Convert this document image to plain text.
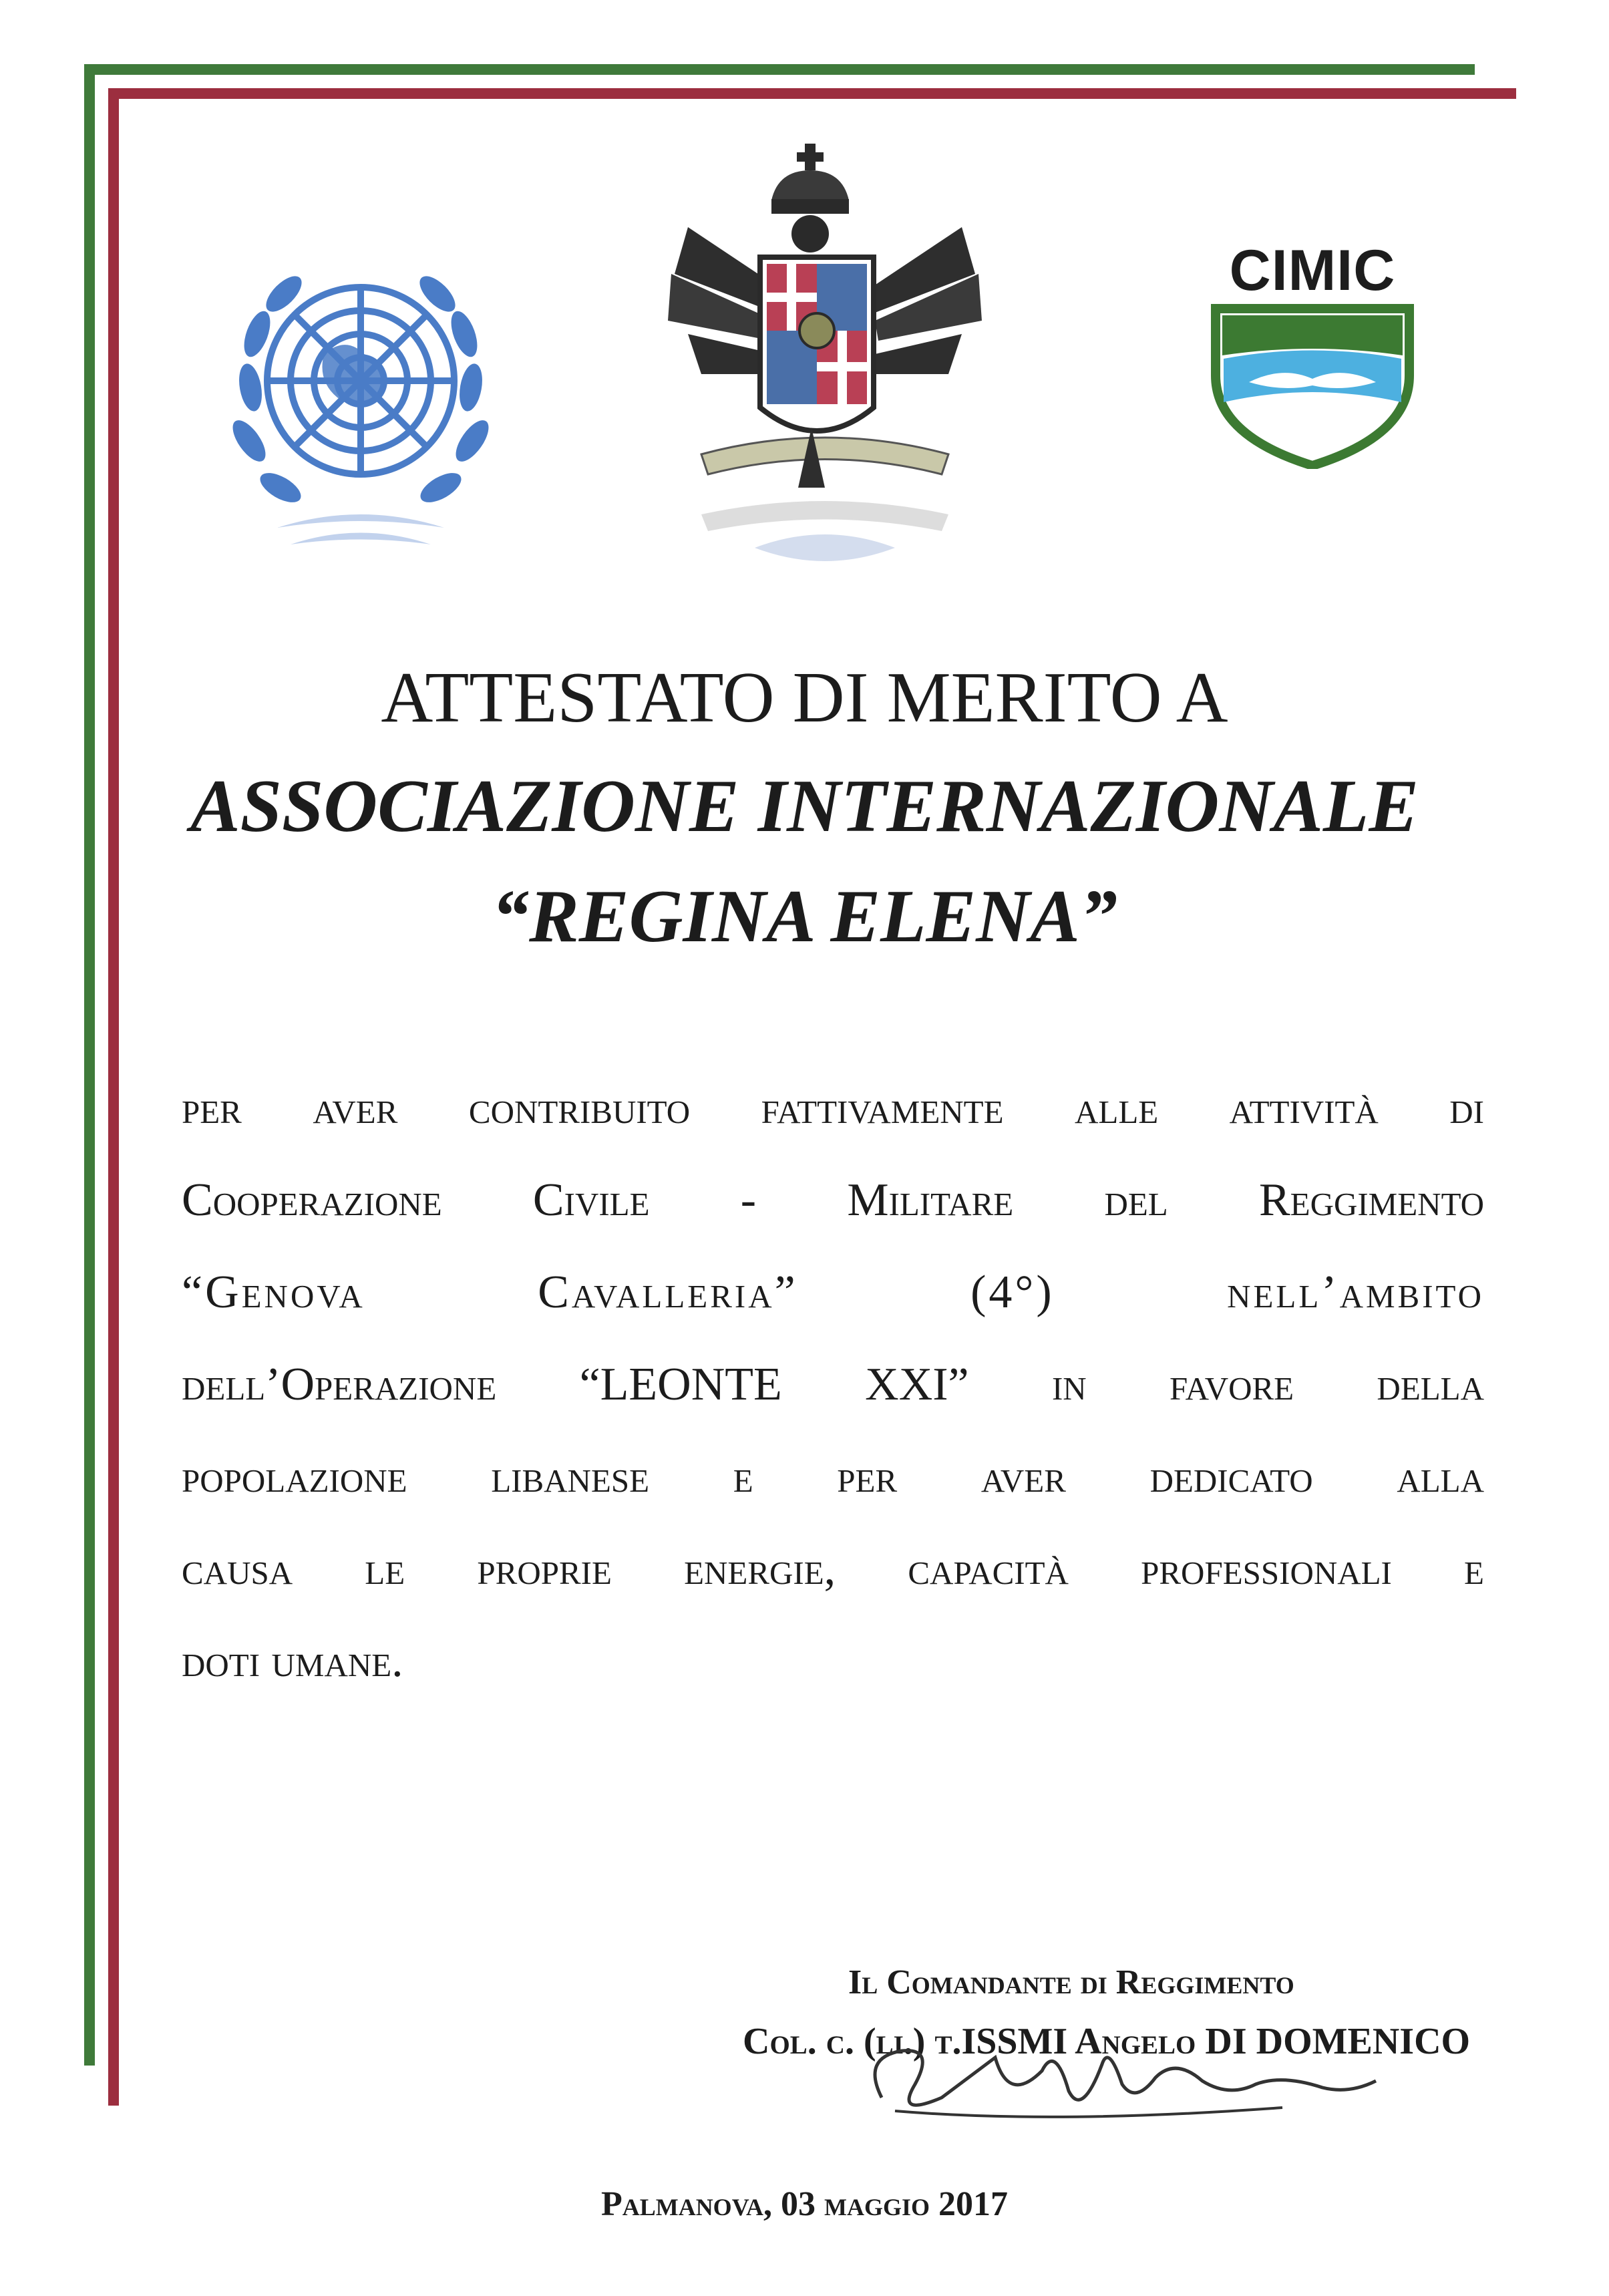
CIMIC
ATTESTATO DI MERITO A
ASSOCIAZIONE INTERNAZIONALE
“REGINA ELENA”
per aver contribuito fattivamente alle attività di
Cooperazione Civile - Militare del Reggimento
“Genova Cavalleria” (4°) nell’ambito
dell’Operazione “LEONTE XXI” in favore della
popolazione libanese e per aver dedicato alla
causa le proprie energie, capacità professionali e
doti umane.
Il Comandante di Reggimento
Col. c. (li.) t.ISSMI Angelo DI DOMENICO
Palmanova, 03 maggio 2017
